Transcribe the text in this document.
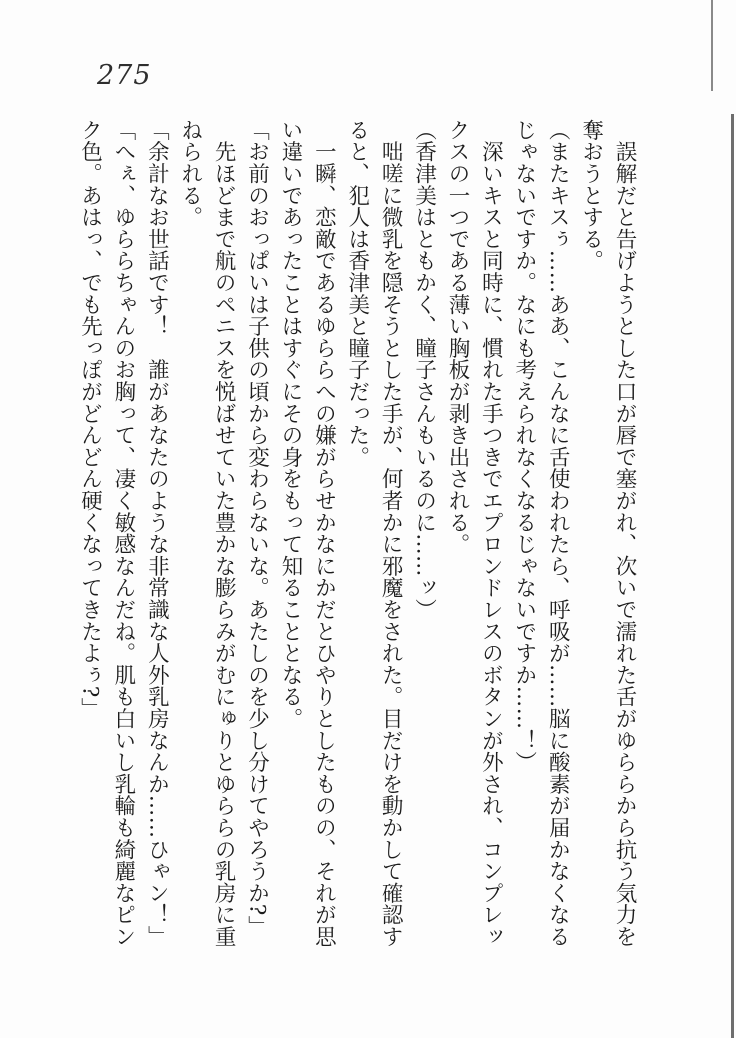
275

　誤解だと告げようとした口が唇で塞がれ、次いで濡れた舌がゆららから抗う気力を

奪おうとする。

（またキスぅ……ああ、こんなに舌使われたら、呼吸が……脳に酸素が届かなくなる

じゃないですか。なにも考えられなくなるじゃないですか……！）

　深いキスと同時に、慣れた手つきでエプロンドレスのボタンが外され、コンプレッ

クスの一つである薄い胸板が剥き出される。

（香津美はともかく、瞳子さんもいるのに……ッ）

　咄嗟に微乳を隠そうとした手が、何者かに邪魔をされた。目だけを動かして確認す

ると、犯人は香津美と瞳子だった。

　一瞬、恋敵であるゆららへの嫌がらせかなにかだとひやりとしたものの、それが思

い違いであったことはすぐにその身をもって知ることとなる。

「お前のおっぱいは子供の頃から変わらないな。あたしのを少し分けてやろうか?」

　先ほどまで航のペニスを悦ばせていた豊かな膨らみがむにゅりとゆららの乳房に重

ねられる。

「余計なお世話です！　誰があなたのような非常識な人外乳房なんか……ひゃン！」

「へぇ、ゆららちゃんのお胸って、凄く敏感なんだね。肌も白いし乳輪も綺麗なピン

ク色。あはっ、でも先っぽがどんどん硬くなってきたよぅ?」
